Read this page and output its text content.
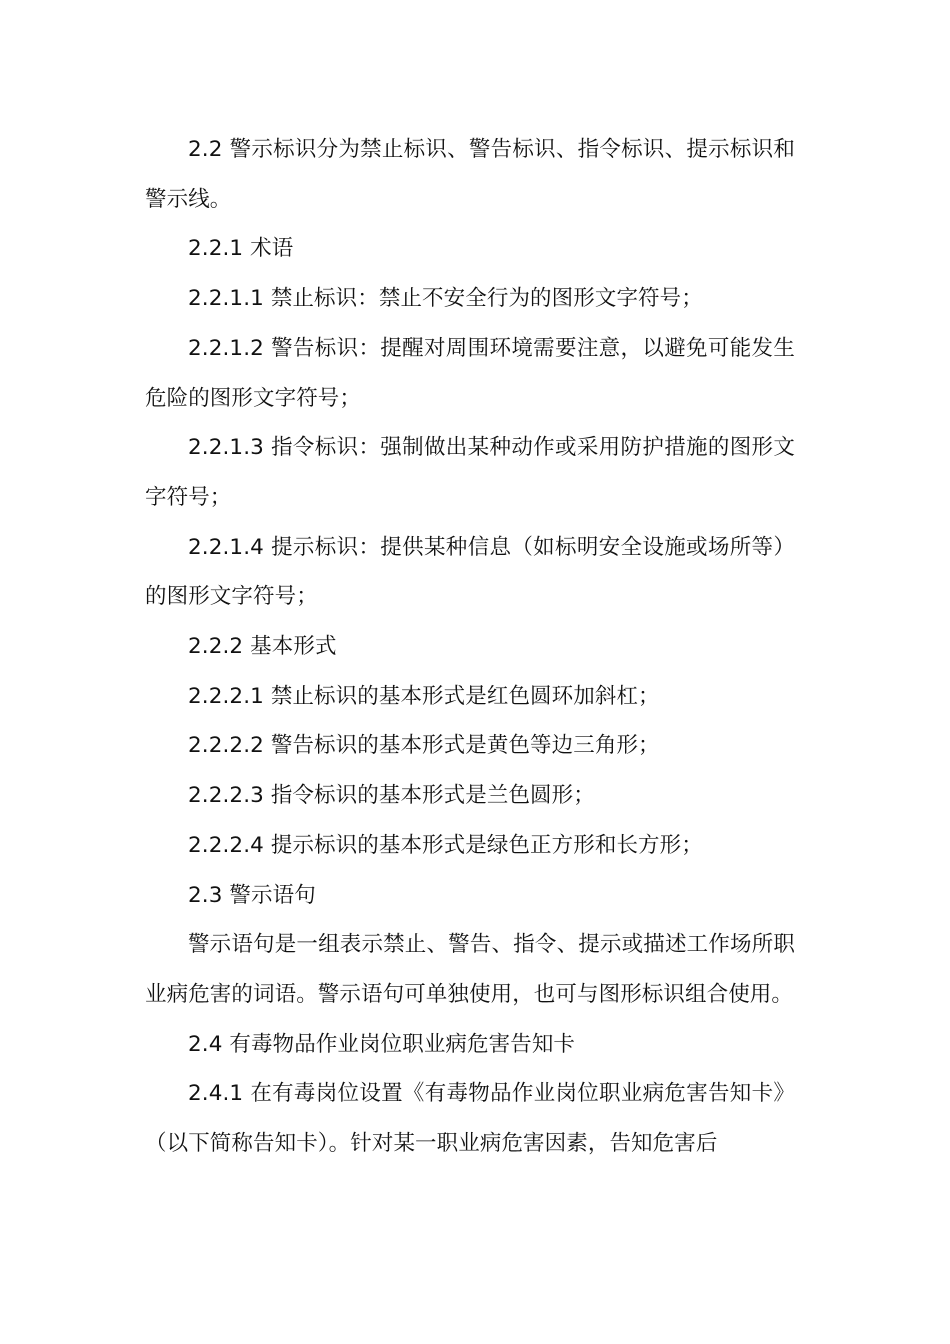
2.2 警示标识分为禁止标识、警告标识、指令标识、提示标识和警示线。

2.2.1 术语

2.2.1.1 禁止标识：禁止不安全行为的图形文字符号；

2.2.1.2 警告标识：提醒对周围环境需要注意，以避免可能发生危险的图形文字符号；

2.2.1.3 指令标识：强制做出某种动作或采用防护措施的图形文字符号；

2.2.1.4 提示标识：提供某种信息（如标明安全设施或场所等）的图形文字符号；

2.2.2 基本形式

2.2.2.1 禁止标识的基本形式是红色圆环加斜杠；

2.2.2.2 警告标识的基本形式是黄色等边三角形；

2.2.2.3 指令标识的基本形式是兰色圆形；

2.2.2.4 提示标识的基本形式是绿色正方形和长方形；

2.3 警示语句

警示语句是一组表示禁止、警告、指令、提示或描述工作场所职业病危害的词语。警示语句可单独使用，也可与图形标识组合使用。

2.4 有毒物品作业岗位职业病危害告知卡

2.4.1 在有毒岗位设置《有毒物品作业岗位职业病危害告知卡》（以下简称告知卡）。针对某一职业病危害因素，告知危害后
